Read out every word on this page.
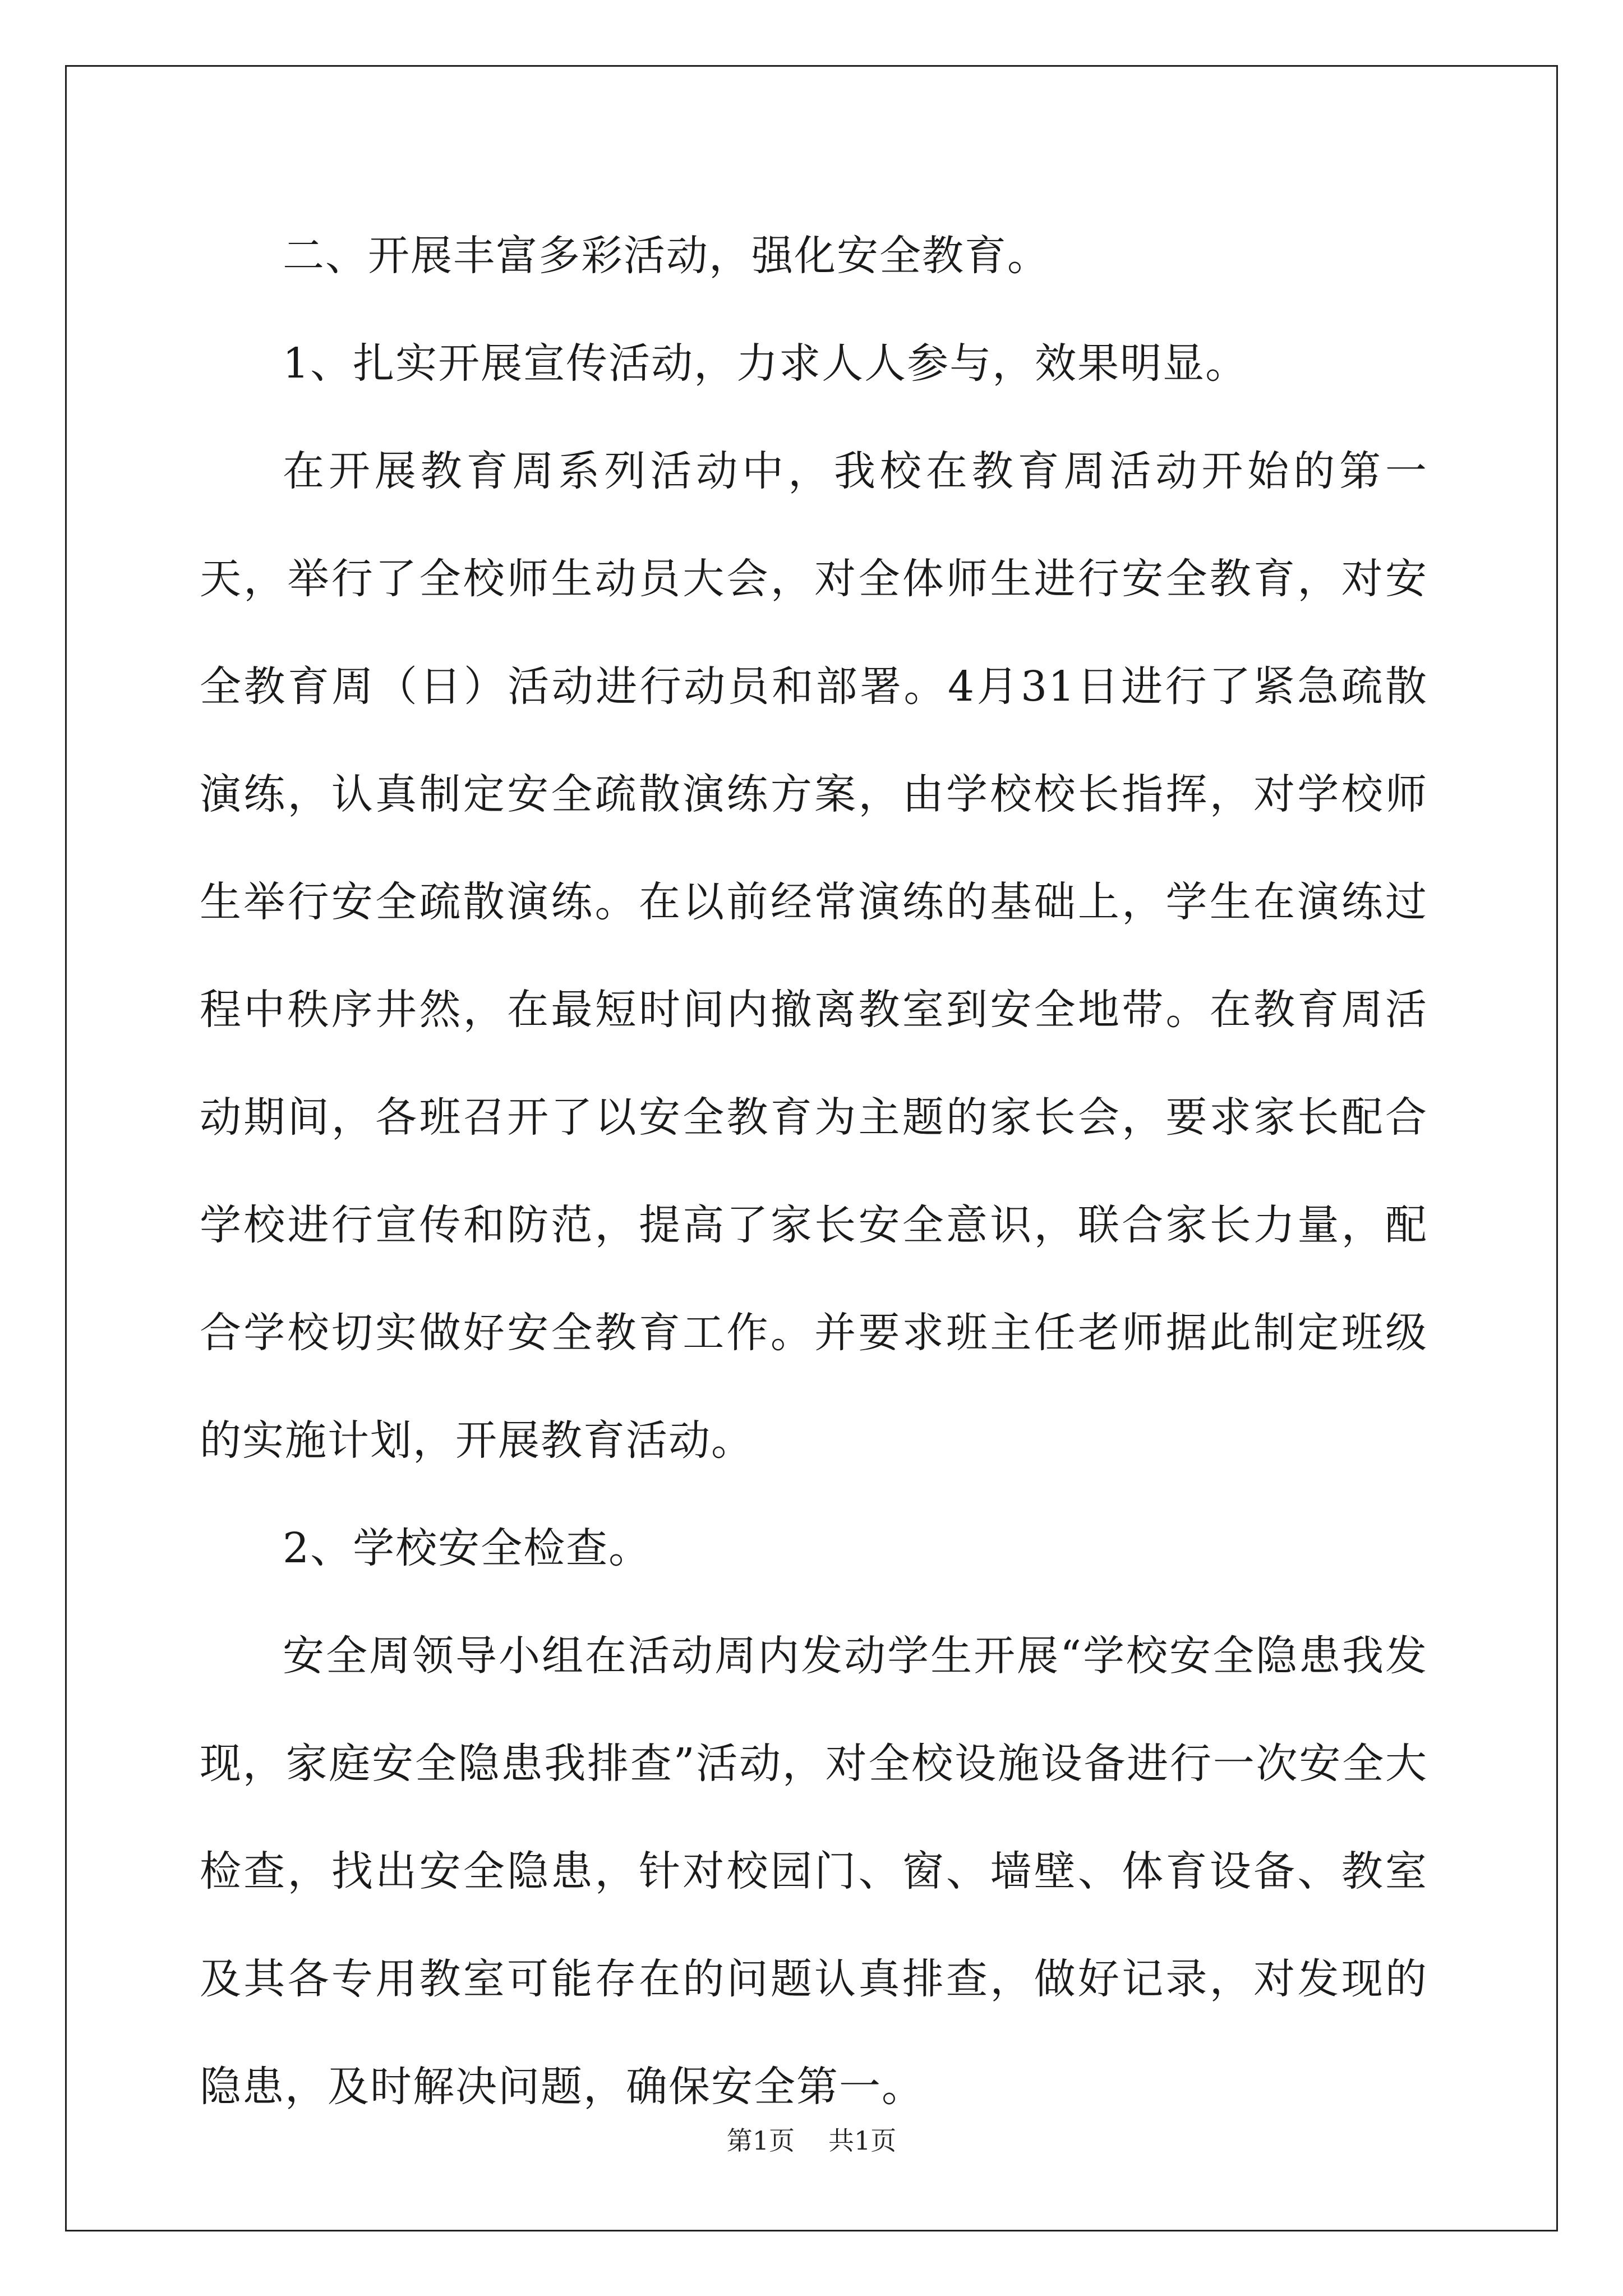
二、开展丰富多彩活动，强化安全教育。

1、扎实开展宣传活动，力求人人参与，效果明显。

在开展教育周系列活动中，我校在教育周活动开始的第一天，举行了全校师生动员大会，对全体师生进行安全教育，对安全教育周（日）活动进行动员和部署。4月31日进行了紧急疏散演练，认真制定安全疏散演练方案，由学校校长指挥，对学校师生举行安全疏散演练。在以前经常演练的基础上，学生在演练过程中秩序井然，在最短时间内撤离教室到安全地带。在教育周活动期间，各班召开了以安全教育为主题的家长会，要求家长配合学校进行宣传和防范，提高了家长安全意识，联合家长力量，配合学校切实做好安全教育工作。并要求班主任老师据此制定班级的实施计划，开展教育活动。

2、学校安全检查。

安全周领导小组在活动周内发动学生开展“学校安全隐患我发现，家庭安全隐患我排查”活动，对全校设施设备进行一次安全大检查，找出安全隐患，针对校园门、窗、墙壁、体育设备、教室及其各专用教室可能存在的问题认真排查，做好记录，对发现的隐患，及时解决问题，确保安全第一。

第1页 共1页
